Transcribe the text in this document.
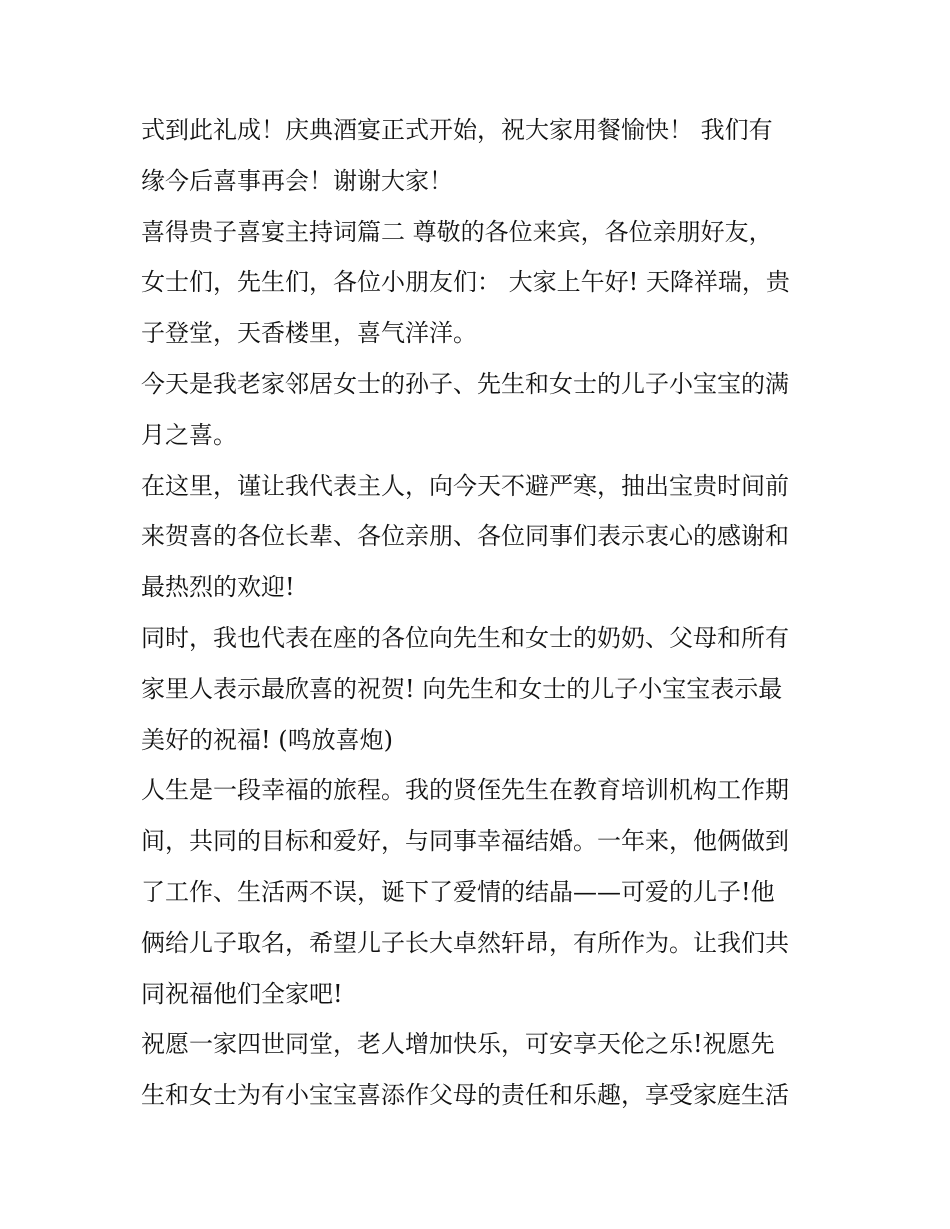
式到此礼成！庆典酒宴正式开始，祝大家用餐愉快！ 我们有
缘今后喜事再会！谢谢大家！
喜得贵子喜宴主持词篇二 尊敬的各位来宾，各位亲朋好友，
女士们，先生们，各位小朋友们： 大家上午好! 天降祥瑞，贵
子登堂，天香楼里，喜气洋洋。
今天是我老家邻居女士的孙子、先生和女士的儿子小宝宝的满
月之喜。
在这里，谨让我代表主人，向今天不避严寒，抽出宝贵时间前
来贺喜的各位长辈、各位亲朋、各位同事们表示衷心的感谢和
最热烈的欢迎!
同时，我也代表在座的各位向先生和女士的奶奶、父母和所有
家里人表示最欣喜的祝贺! 向先生和女士的儿子小宝宝表示最
美好的祝福! (鸣放喜炮)
人生是一段幸福的旅程。我的贤侄先生在教育培训机构工作期
间，共同的目标和爱好，与同事幸福结婚。一年来，他俩做到
了工作、生活两不误，诞下了爱情的结晶——可爱的儿子!他
俩给儿子取名，希望儿子长大卓然轩昂，有所作为。让我们共
同祝福他们全家吧!
祝愿一家四世同堂，老人增加快乐，可安享天伦之乐!祝愿先
生和女士为有小宝宝喜添作父母的责任和乐趣，享受家庭生活
